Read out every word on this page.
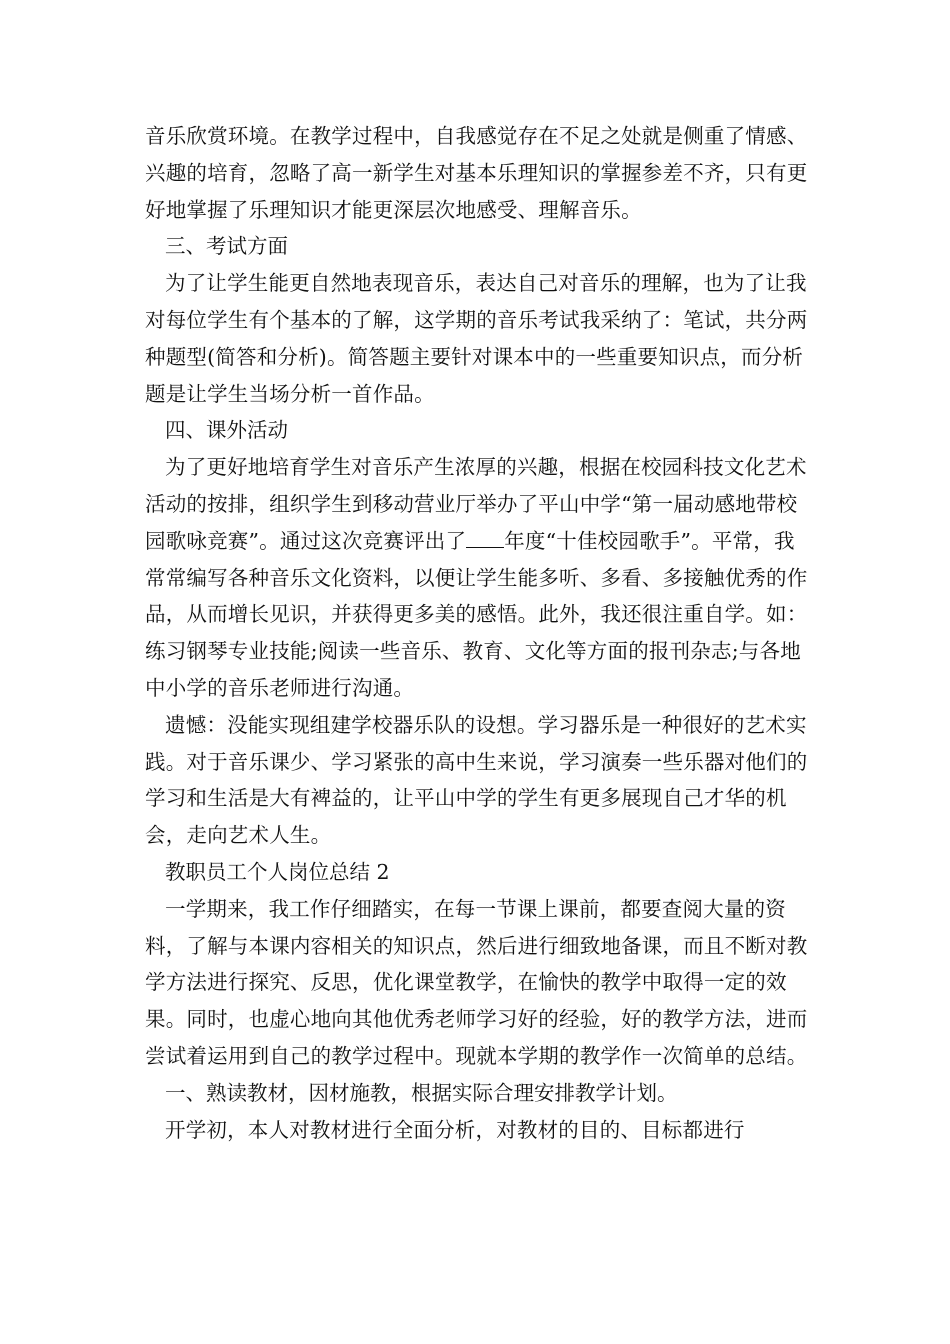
音乐欣赏环境。在教学过程中，自我感觉存在不足之处就是侧重了情感、兴趣的培育，忽略了高一新学生对基本乐理知识的掌握参差不齐，只有更好地掌握了乐理知识才能更深层次地感受、理解音乐。

三、考试方面

为了让学生能更自然地表现音乐，表达自己对音乐的理解，也为了让我对每位学生有个基本的了解，这学期的音乐考试我采纳了：笔试，共分两种题型(简答和分析)。简答题主要针对课本中的一些重要知识点，而分析题是让学生当场分析一首作品。

四、课外活动

为了更好地培育学生对音乐产生浓厚的兴趣，根据在校园科技文化艺术活动的按排，组织学生到移动营业厅举办了平山中学“第一届动感地带校园歌咏竞赛”。通过这次竞赛评出了 年度“十佳校园歌手”。平常，我常常编写各种音乐文化资料，以便让学生能多听、多看、多接触优秀的作品，从而增长见识，并获得更多美的感悟。此外，我还很注重自学。如：练习钢琴专业技能;阅读一些音乐、教育、文化等方面的报刊杂志;与各地中小学的音乐老师进行沟通。

遗憾：没能实现组建学校器乐队的设想。学习器乐是一种很好的艺术实践。对于音乐课少、学习紧张的高中生来说，学习演奏一些乐器对他们的学习和生活是大有裨益的，让平山中学的学生有更多展现自己才华的机会，走向艺术人生。

教职员工个人岗位总结 2

一学期来，我工作仔细踏实，在每一节课上课前，都要查阅大量的资料，了解与本课内容相关的知识点，然后进行细致地备课，而且不断对教学方法进行探究、反思，优化课堂教学，在愉快的教学中取得一定的效果。同时，也虚心地向其他优秀老师学习好的经验，好的教学方法，进而尝试着运用到自己的教学过程中。现就本学期的教学作一次简单的总结。

一、熟读教材，因材施教，根据实际合理安排教学计划。

开学初，本人对教材进行全面分析，对教材的目的、目标都进行
